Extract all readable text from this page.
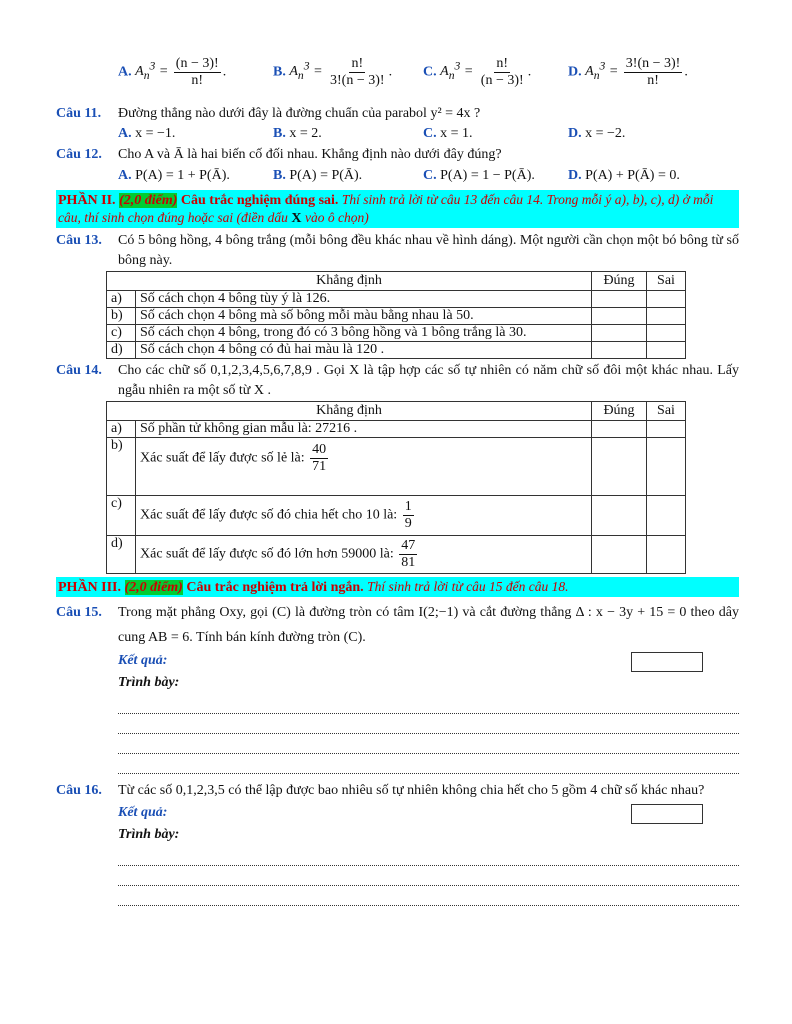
A. $A_n^3 = \frac{(n - 3)!}{n!}$ .	B. $A_n^3 = \frac{n!}{3!(n - 3)!}$ .	C. $A_n^3 = \frac{n!}{(n - 3)!}$ .	D. $A_n^3 = \frac{3!(n - 3)!}{n!}$ .
Câu 11.	Đường thẳng nào dưới đây là đường chuẩn của parabol y² = 4x ?
A. x = −1.	B. x = 2.	C. x = 1.	D. x = −2.
Câu 12.	Cho A và Ā là hai biến cố đối nhau. Khẳng định nào dưới đây đúng?
A. P(A) = 1 + P(Ā).	B. P(A) = P(Ā).	C. P(A) = 1 − P(Ā).	D. P(A) + P(Ā) = 0.
PHẦN II. (2,0 điểm) Câu trắc nghiệm đúng sai. Thí sinh trả lời từ câu 13 đến câu 14. Trong mỗi ý a), b), c), d) ở mỗi câu, thí sinh chọn đúng hoặc sai (điền dấu X vào ô chọn)
Câu 13.	Có 5 bông hồng, 4 bông trắng (mỗi bông đều khác nhau về hình dáng). Một người cần chọn một bó bông từ số bông này.
Khẳng định		Đúng	Sai
a)	Số cách chọn 4 bông tùy ý là 126.		
b)	Số cách chọn 4 bông mà số bông mỗi màu bằng nhau là 50.		
c)	Số cách chọn 4 bông, trong đó có 3 bông hồng và 1 bông trắng là 30.		
d)	Số cách chọn 4 bông có đủ hai màu là 120 .		
Câu 14.	Cho các chữ số 0,1,2,3,4,5,6,7,8,9 . Gọi X là tập hợp các số tự nhiên có năm chữ số đôi một khác nhau. Lấy ngẫu nhiên ra một số từ X .
Khẳng định		Đúng	Sai
a)	Số phần tử không gian mẫu là: 27216 .		
b)	Xác suất để lấy được số lẻ là: $\frac{40}{71}$

c)	Xác suất để lấy được số đó chia hết cho 10 là: $\frac{1}{9}$

d)	Xác suất để lấy được số đó lớn hơn 59000 là: $\frac{47}{81}$

PHẦN III. (2,0 điểm) Câu trắc nghiệm trả lời ngắn. Thí sinh trả lời từ câu 15 đến câu 18.
Câu 15.	Trong mặt phẳng Oxy, gọi (C) là đường tròn có tâm I(2;−1) và cắt đường thẳng Δ : x − 3y + 15 = 0 theo dây cung AB = 6. Tính bán kính đường tròn (C).
Kết quả:
Trình bày:
Câu 16.	Từ các số 0,1,2,3,5 có thể lập được bao nhiêu số tự nhiên không chia hết cho 5 gồm 4 chữ số khác nhau?
Kết quả:
Trình bày:
